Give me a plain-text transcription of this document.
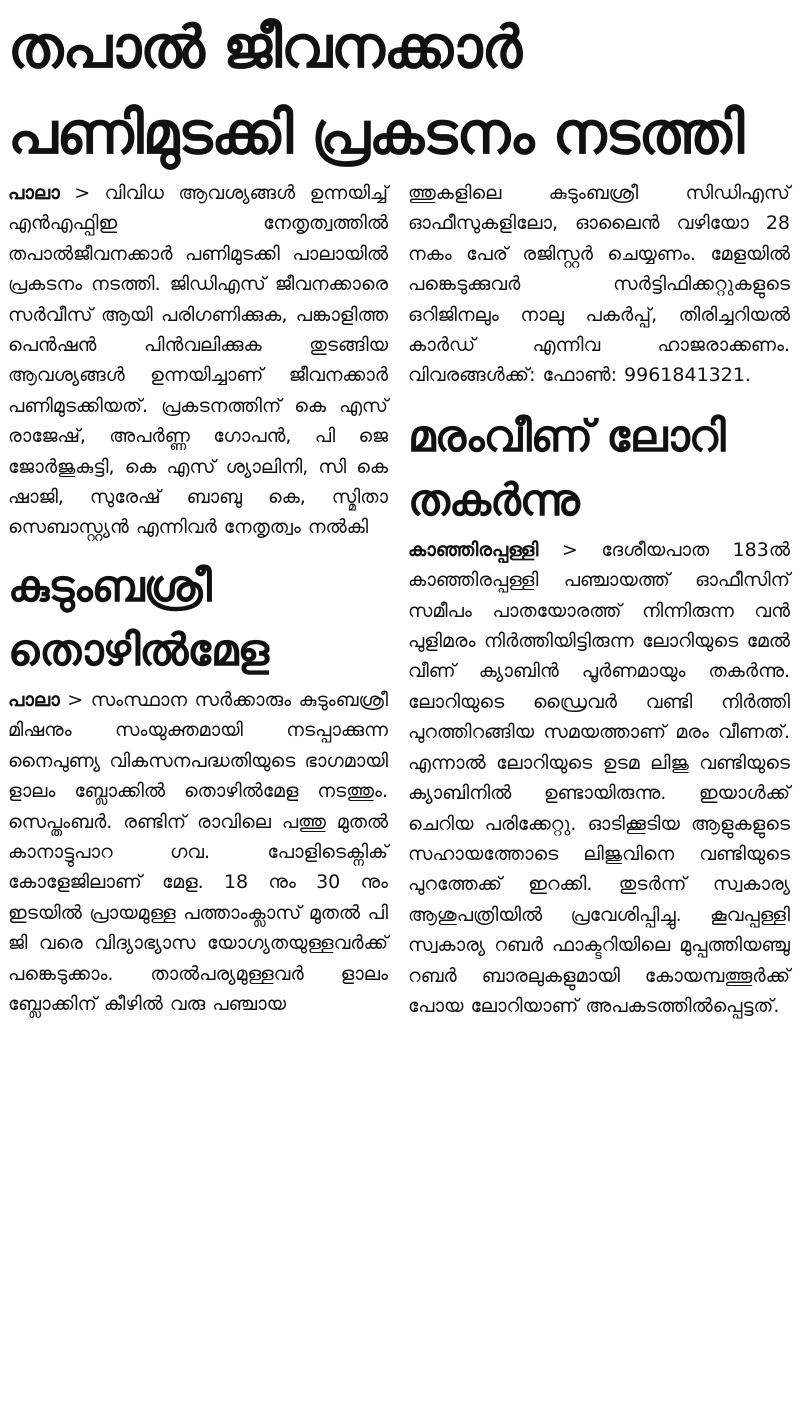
തപാൽ ജീവനക്കാർ
പണിമുടക്കി പ്രകടനം നടത്തി

പാലാ > വിവിധ ആവശ്യങ്ങൾ ഉന്നയിച്ച് എൻഎഫ്പിഇ നേതൃത്വത്തിൽ തപാൽജീവനക്കാർ പണിമുടക്കി പാലായിൽ പ്രകടനം നടത്തി. ജിഡിഎസ് ജീവനക്കാരെ സർവീസ് ആയി പരിഗണിക്കുക, പങ്കാളിത്ത പെൻഷൻ പിൻവലിക്കുക തുടങ്ങിയ ആവശ്യങ്ങൾ ഉന്നയിച്ചാണ് ജീവനക്കാർ പണിമുടക്കിയത്. പ്രകടനത്തിന് കെ എസ് രാജേഷ്, അപർണ്ണ ഗോപൻ, പി ജെ ജോർജുകുട്ടി, കെ എസ് ശ്യാലിനി, സി കെ ഷാജി, സുരേഷ് ബാബു കെ, സ്മിതാ സെബാസ്റ്റ്യൻ എന്നിവർ നേതൃത്വം നൽകി

കുടുംബശ്രീ
തൊഴിൽമേള

പാലാ > സംസ്ഥാന സർക്കാരും കുടുംബശ്രീ മിഷനും സംയുക്തമായി നടപ്പാക്കുന്ന നൈപുണ്യ വികസനപദ്ധതിയുടെ ഭാഗമായി ളാലം ബ്ലോക്കിൽ തൊഴിൽമേള നടത്തും. സെപ്തംബർ. രണ്ടിന് രാവിലെ പത്തു മുതൽ കാനാട്ടുപാറ ഗവ. പോളിടെക്നിക് കോളേജിലാണ് മേള. 18 നും 30 നും ഇടയിൽ പ്രായമുള്ള പത്താംക്ലാസ് മുതൽ പി ജി വരെ വിദ്യാഭ്യാസ യോഗ്യതയുള്ളവർക്ക് പങ്കെടുക്കാം. താൽപര്യമുള്ളവർ ളാലം ബ്ലോക്കിന് കീഴിൽ വരു പഞ്ചായ

ത്തുകളിലെ കുടുംബശ്രീ സിഡിഎസ് ഓഫീസുകളിലോ, ഓലൈൻ വഴിയോ 28 നകം പേര് രജിസ്റ്റർ ചെയ്യണം. മേളയിൽ പങ്കെടുക്കുവർ സർട്ടിഫിക്കറ്റുകളുടെ ഒറിജിനലും നാലു പകർപ്പ്, തിരിച്ചറിയൽ കാർഡ് എന്നിവ ഹാജരാക്കണം. വിവരങ്ങൾക്ക്: ഫോൺ: 9961841321.

മരംവീണ് ലോറി
തകർന്നു

കാഞ്ഞിരപ്പള്ളി > ദേശീയപാത 183ൽ കാഞ്ഞിരപ്പള്ളി പഞ്ചായത്ത് ഓഫീസിന് സമീപം പാതയോരത്ത് നിന്നിരുന്ന വൻ പുളിമരം നിർത്തിയിട്ടിരുന്ന ലോറിയുടെ മേൽ വീണ് ക്യാബിൻ പൂർണമായും തകർന്നു. ലോറിയുടെ ഡ്രൈവർ വണ്ടി നിർത്തി പുറത്തിറങ്ങിയ സമയത്താണ് മരം വീണത്. എന്നാൽ ലോറിയുടെ ഉടമ ലിജു വണ്ടിയുടെ ക്യാബിനിൽ ഉണ്ടായിരുന്നു. ഇയാൾക്ക് ചെറിയ പരിക്കേറ്റു. ഓടിക്കൂടിയ ആളുകളുടെ സഹായത്തോടെ ലിജുവിനെ വണ്ടിയുടെ പുറത്തേക്ക് ഇറക്കി. തുടർന്ന് സ്വകാര്യ ആശുപത്രിയിൽ പ്രവേശിപ്പിച്ചു. കൂവപ്പള്ളി സ്വകാര്യ റബർ ഫാക്ടറിയിലെ മുപ്പത്തിയഞ്ചു റബർ ബാരലുകളുമായി കോയമ്പത്തൂർക്ക് പോയ ലോറിയാണ് അപകടത്തിൽപ്പെട്ടത്.
